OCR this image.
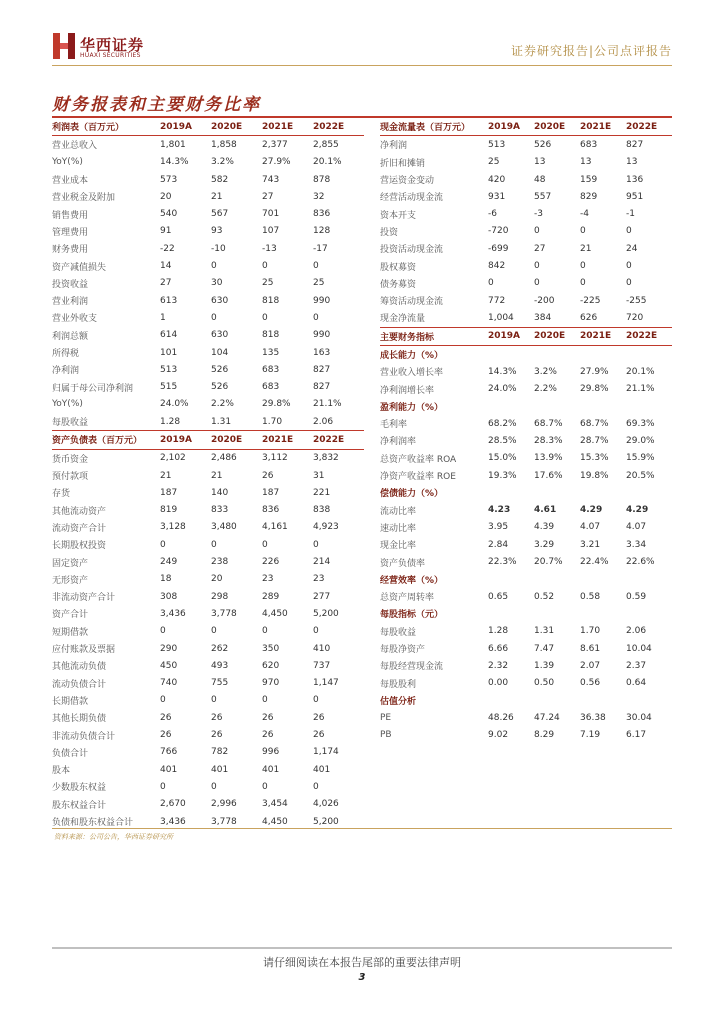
华西证券
HUAXI SECURITIES	证券研究报告|公司点评报告
财务报表和主要财务比率
利润表（百万元）	2019A	2020E	2021E	2022E
营业总收入	1,801	1,858	2,377	2,855
YoY(%)	14.3%	3.2%	27.9%	20.1%
营业成本	573	582	743	878
营业税金及附加	20	21	27	32
销售费用	540	567	701	836
管理费用	91	93	107	128
财务费用	-22	-10	-13	-17
资产减值损失	14	0	0	0
投资收益	27	30	25	25
营业利润	613	630	818	990
营业外收支	1	0	0	0
利润总额	614	630	818	990
所得税	101	104	135	163
净利润	513	526	683	827
归属于母公司净利润	515	526	683	827
YoY(%)	24.0%	2.2%	29.8%	21.1%
每股收益	1.28	1.31	1.70	2.06
资产负债表（百万元）	2019A	2020E	2021E	2022E
货币资金	2,102	2,486	3,112	3,832
预付款项	21	21	26	31
存货	187	140	187	221
其他流动资产	819	833	836	838
流动资产合计	3,128	3,480	4,161	4,923
长期股权投资	0	0	0	0
固定资产	249	238	226	214
无形资产	18	20	23	23
非流动资产合计	308	298	289	277
资产合计	3,436	3,778	4,450	5,200
短期借款	0	0	0	0
应付账款及票据	290	262	350	410
其他流动负债	450	493	620	737
流动负债合计	740	755	970	1,147
长期借款	0	0	0	0
其他长期负债	26	26	26	26
非流动负债合计	26	26	26	26
负债合计	766	782	996	1,174
股本	401	401	401	401
少数股东权益	0	0	0	0
股东权益合计	2,670	2,996	3,454	4,026
负债和股东权益合计	3,436	3,778	4,450	5,200
现金流量表（百万元）	2019A	2020E	2021E	2022E
净利润	513	526	683	827
折旧和摊销	25	13	13	13
营运资金变动	420	48	159	136
经营活动现金流	931	557	829	951
资本开支	-6	-3	-4	-1
投资	-720	0	0	0
投资活动现金流	-699	27	21	24
股权募资	842	0	0	0
债务募资	0	0	0	0
筹资活动现金流	772	-200	-225	-255
现金净流量	1,004	384	626	720
主要财务指标	2019A	2020E	2021E	2022E
成长能力（%）				
营业收入增长率	14.3%	3.2%	27.9%	20.1%
净利润增长率	24.0%	2.2%	29.8%	21.1%
盈利能力（%）				
毛利率	68.2%	68.7%	68.7%	69.3%
净利润率	28.5%	28.3%	28.7%	29.0%
总资产收益率 ROA	15.0%	13.9%	15.3%	15.9%
净资产收益率 ROE	19.3%	17.6%	19.8%	20.5%
偿债能力（%）				
流动比率	4.23	4.61	4.29	4.29
速动比率	3.95	4.39	4.07	4.07
现金比率	2.84	3.29	3.21	3.34
资产负债率	22.3%	20.7%	22.4%	22.6%
经营效率（%）				
总资产周转率	0.65	0.52	0.58	0.59
每股指标（元）				
每股收益	1.28	1.31	1.70	2.06
每股净资产	6.66	7.47	8.61	10.04
每股经营现金流	2.32	1.39	2.07	2.37
每股股利	0.00	0.50	0.56	0.64
估值分析				
PE	48.26	47.24	36.38	30.04
PB	9.02	8.29	7.19	6.17
资料来源：公司公告，华西证券研究所
请仔细阅读在本报告尾部的重要法律声明
3
